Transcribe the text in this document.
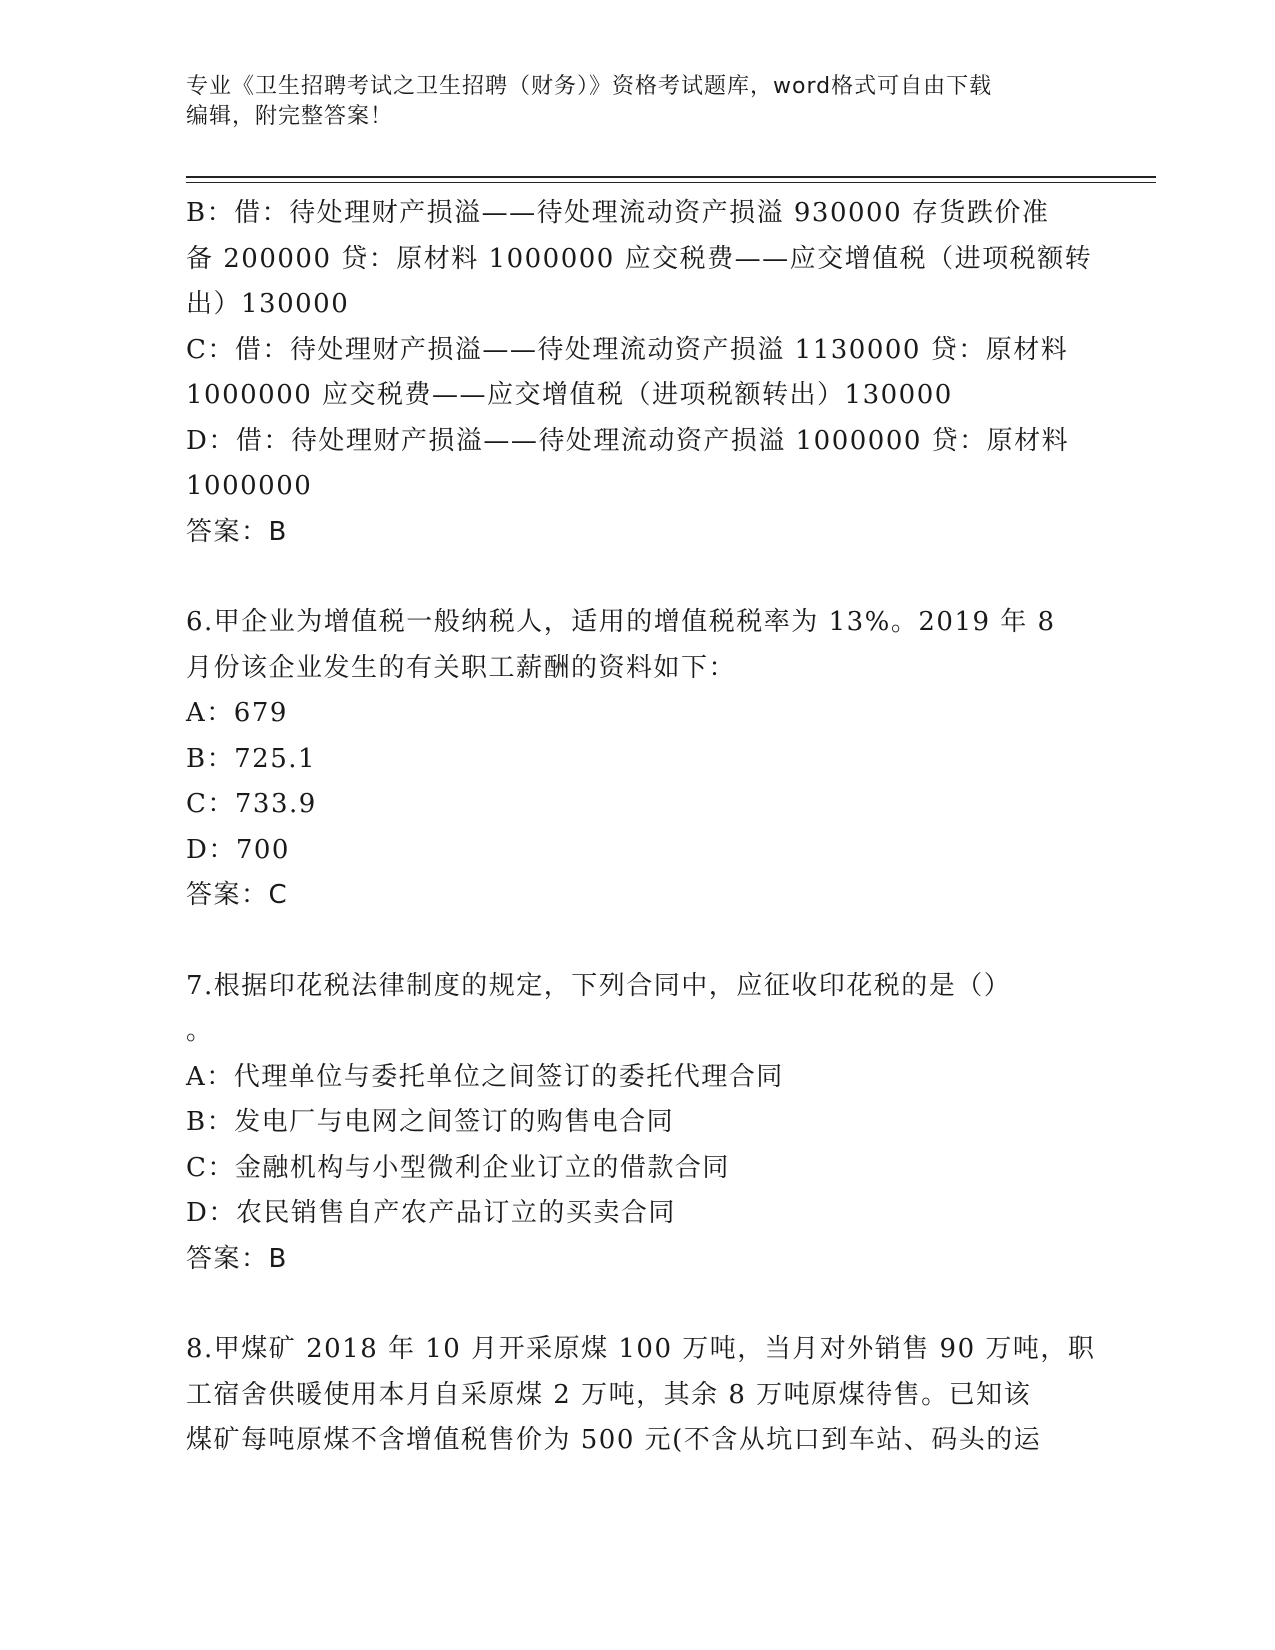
专业《卫生招聘考试之卫生招聘（财务）》资格考试题库，word格式可自由下载
编辑，附完整答案！

B：借：待处理财产损溢——待处理流动资产损溢 930000 存货跌价准

备 200000 贷：原材料 1000000 应交税费——应交增值税（进项税额转

出）130000

C：借：待处理财产损溢——待处理流动资产损溢 1130000 贷：原材料

1000000 应交税费——应交增值税（进项税额转出）130000

D：借：待处理财产损溢——待处理流动资产损溢 1000000 贷：原材料

1000000

答案：B

6.甲企业为增值税一般纳税人，适用的增值税税率为 13%。2019 年 8

月份该企业发生的有关职工薪酬的资料如下：

A：679

B：725.1

C：733.9

D：700

答案：C

7.根据印花税法律制度的规定，下列合同中，应征收印花税的是（）

。

A：代理单位与委托单位之间签订的委托代理合同

B：发电厂与电网之间签订的购售电合同

C：金融机构与小型微利企业订立的借款合同

D：农民销售自产农产品订立的买卖合同

答案：B

8.甲煤矿 2018 年 10 月开采原煤 100 万吨，当月对外销售 90 万吨，职

工宿舍供暖使用本月自采原煤 2 万吨，其余 8 万吨原煤待售。已知该

煤矿每吨原煤不含增值税售价为 500 元(不含从坑口到车站、码头的运
